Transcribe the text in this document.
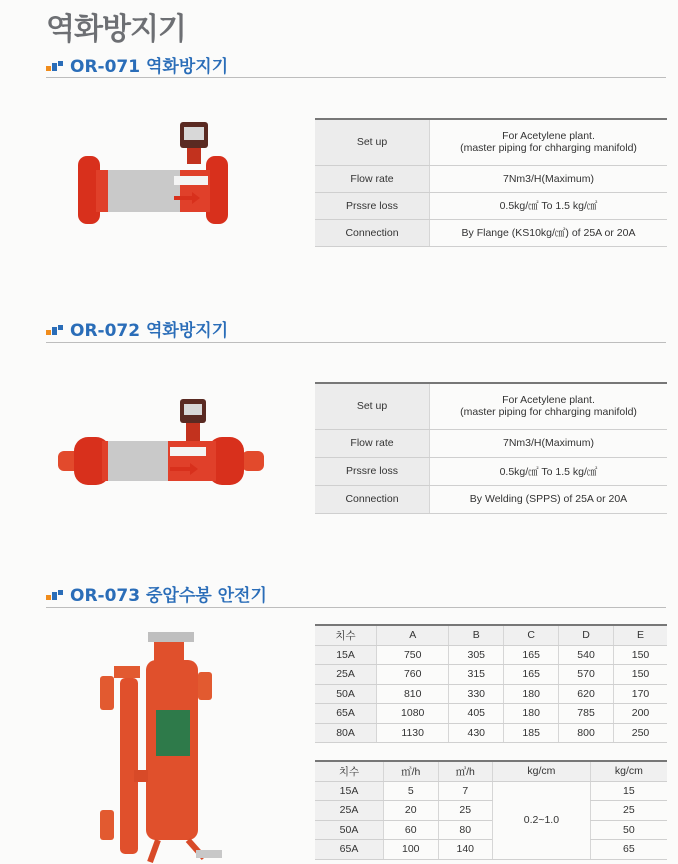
역화방지기
OR-071 역화방지기
Set up	For Acetylene plant.
(master piping for chharging manifold)

Flow rate	7Nm3/H(Maximum)
Prssre loss	0.5kg/㎠ To 1.5 kg/㎠
Connection	By Flange (KS10kg/㎠) of 25A or 20A
OR-072 역화방지기
Set up	For Acetylene plant.
(master piping for chharging manifold)

Flow rate	7Nm3/H(Maximum)
Prssre loss	0.5kg/㎠ To 1.5 kg/㎠
Connection	By Welding (SPPS) of 25A or 20A
OR-073 중압수봉 안전기
치수	A	B	C	D	E
15A	750	305	165	540	150
25A	760	315	165	570	150
50A	810	330	180	620	170
65A	1080	405	180	785	200
80A	1130	430	185	800	250
치수	㎥/h	㎥/h	kg/cm	kg/cm
15A	5	7	0.2~1.0	15
25A	20	25		25
50A	60	80		50
65A	100	140		65
